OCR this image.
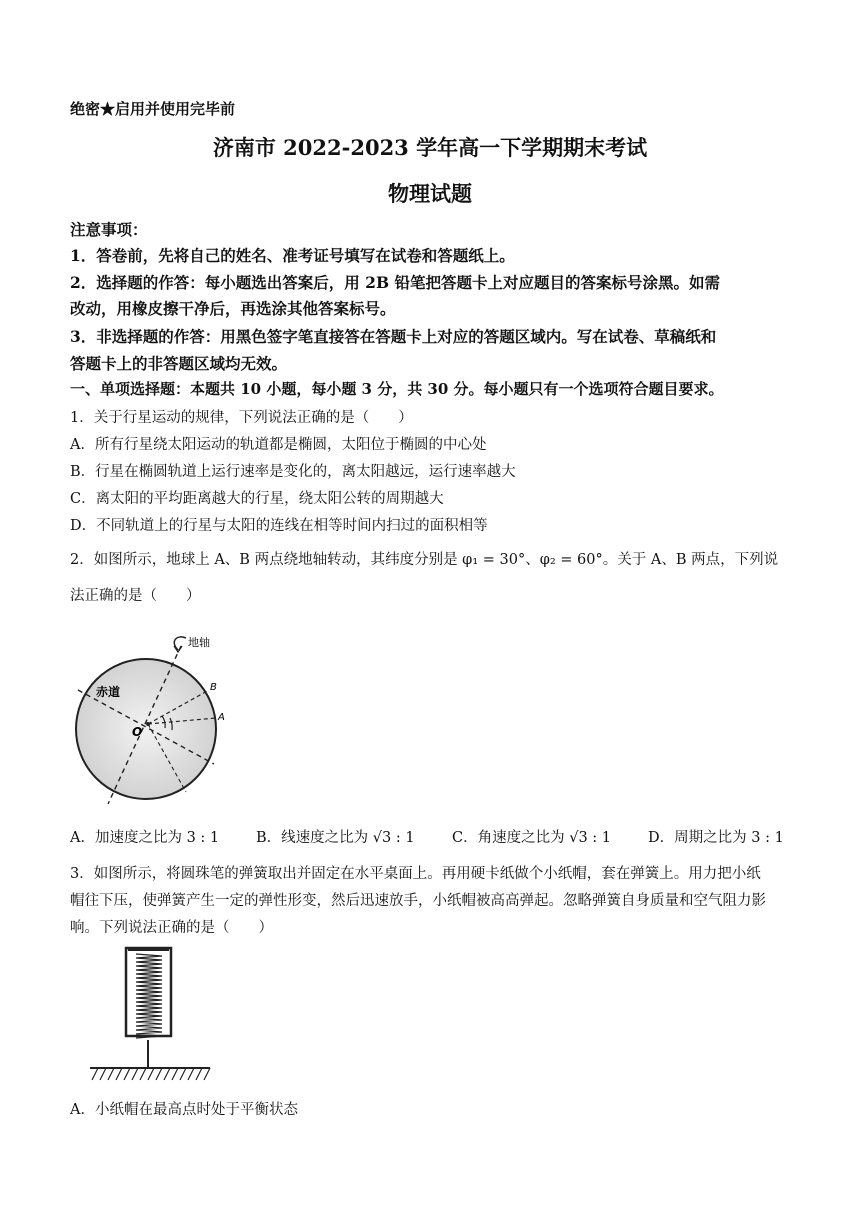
绝密★启用并使用完毕前
济南市 2022-2023 学年高一下学期期末考试
物理试题
注意事项：
1．答卷前，先将自己的姓名、准考证号填写在试卷和答题纸上。
2．选择题的作答：每小题选出答案后，用 2B 铅笔把答题卡上对应题目的答案标号涂黑。如需
改动，用橡皮擦干净后，再选涂其他答案标号。
3．非选择题的作答：用黑色签字笔直接答在答题卡上对应的答题区域内。写在试卷、草稿纸和
答题卡上的非答题区域均无效。
一、单项选择题：本题共 10 小题，每小题 3 分，共 30 分。每小题只有一个选项符合题目要求。
1．关于行星运动的规律，下列说法正确的是（　　）
A．所有行星绕太阳运动的轨道都是椭圆，太阳位于椭圆的中心处
B．行星在椭圆轨道上运行速率是变化的，离太阳越远，运行速率越大
C．离太阳的平均距离越大的行星，绕太阳公转的周期越大
D．不同轨道上的行星与太阳的连线在相等时间内扫过的面积相等
2．如图所示，地球上 A、B 两点绕地轴转动，其纬度分别是 φ₁ = 30°、φ₂ = 60°。关于 A、B 两点，下列说
法正确的是（　　）
地轴
赤道	B
A
O
A．加速度之比为 3 : 1	B．线速度之比为 √3 : 1	C．角速度之比为 √3 : 1	D．周期之比为 3 : 1
3．如图所示，将圆珠笔的弹簧取出并固定在水平桌面上。再用硬卡纸做个小纸帽，套在弹簧上。用力把小纸
帽往下压，使弹簧产生一定的弹性形变，然后迅速放手，小纸帽被高高弹起。忽略弹簧自身质量和空气阻力影
响。下列说法正确的是（　　）
A．小纸帽在最高点时处于平衡状态
